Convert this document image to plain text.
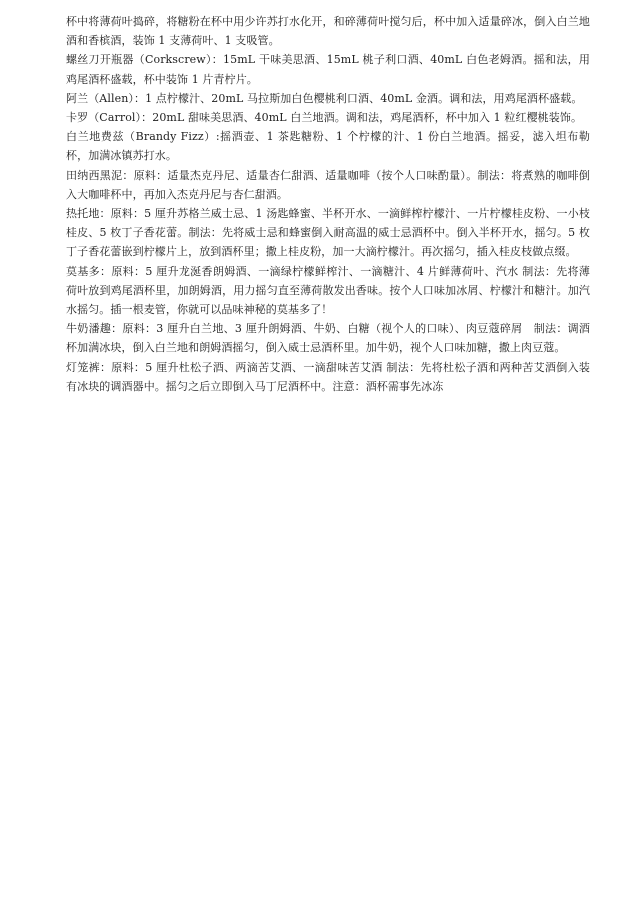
杯中将薄荷叶捣碎，将糖粉在杯中用少许苏打水化开，和碎薄荷叶搅匀后，杯中加入适量碎冰，倒入白兰地酒和香槟酒，装饰 1 支薄荷叶、1 支吸管。

螺丝刀开瓶器（Corkscrew）：15mL 干味美思酒、15mL 桃子利口酒、40mL 白色老姆酒。摇和法，用鸡尾酒杯盛载，杯中装饰 1 片青柠片。

阿兰（Allen）：1 点柠檬汁、20mL 马拉斯加白色樱桃利口酒、40mL 金酒。调和法，用鸡尾酒杯盛载。

卡罗（Carrol）：20mL 甜味美思酒、40mL 白兰地酒。调和法，鸡尾酒杯，杯中加入 1 粒红樱桃装饰。

白兰地费兹（Brandy Fizz）:摇酒壶、1 茶匙糖粉、1 个柠檬的汁、1 份白兰地酒。摇妥，滤入坦布勒杯，加满冰镇苏打水。

田纳西黑泥：原料：适量杰克丹尼、适量杏仁甜酒、适量咖啡（按个人口味酌量）。制法：将煮熟的咖啡倒入大咖啡杯中，再加入杰克丹尼与杏仁甜酒。

热托地：原料：5 厘升苏格兰威士忌、1 汤匙蜂蜜、半杯开水、一滴鲜榨柠檬汁、一片柠檬桂皮粉、一小枝桂皮、5 枚丁子香花蕾。制法：先将威士忌和蜂蜜倒入耐高温的威士忌酒杯中。倒入半杯开水，摇匀。5 枚丁子香花蕾嵌到柠檬片上，放到酒杯里；撒上桂皮粉，加一大滴柠檬汁。再次摇匀，插入桂皮枝做点缀。

莫基多：原料：5 厘升龙涎香朗姆酒、一滴绿柠檬鲜榨汁、一滴糖汁、4 片鲜薄荷叶、汽水 制法：先将薄荷叶放到鸡尾酒杯里，加朗姆酒，用力摇匀直至薄荷散发出香味。按个人口味加冰屑、柠檬汁和糖汁。加汽水摇匀。插一根麦管，你就可以品味神秘的莫基多了！

牛奶潘趣：原料：3 厘升白兰地、3 厘升朗姆酒、牛奶、白糖（视个人的口味）、肉豆蔻碎屑　制法：调酒杯加满冰块，倒入白兰地和朗姆酒摇匀，倒入威士忌酒杯里。加牛奶，视个人口味加糖，撒上肉豆蔻。

灯笼裤：原料：5 厘升杜松子酒、两滴苦艾酒、一滴甜味苦艾酒 制法：先将杜松子酒和两种苦艾酒倒入装有冰块的调酒器中。摇匀之后立即倒入马丁尼酒杯中。注意：酒杯需事先冰冻
